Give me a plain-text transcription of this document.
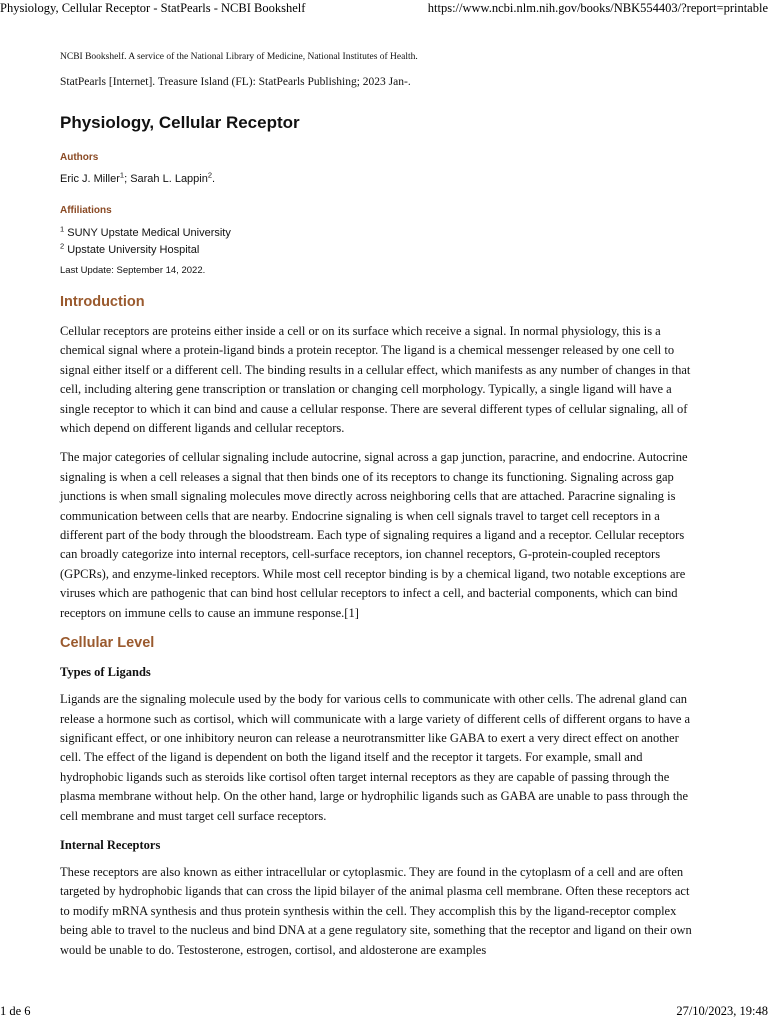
Physiology, Cellular Receptor - StatPearls - NCBI Bookshelf	https://www.ncbi.nlm.nih.gov/books/NBK554403/?report=printable
NCBI Bookshelf. A service of the National Library of Medicine, National Institutes of Health.
StatPearls [Internet]. Treasure Island (FL): StatPearls Publishing; 2023 Jan-.
Physiology, Cellular Receptor
Authors
Eric J. Miller$^1$; Sarah L. Lappin$^2$.
Affiliations
$^1$ SUNY Upstate Medical University
$^2$ Upstate University Hospital
Last Update: September 14, 2022.
Introduction

Cellular receptors are proteins either inside a cell or on its surface which receive a signal. In normal physiology, this is a chemical signal where a protein-ligand binds a protein receptor. The ligand is a chemical messenger released by one cell to signal either itself or a different cell. The binding results in a cellular effect, which manifests as any number of changes in that cell, including altering gene transcription or translation or changing cell morphology. Typically, a single ligand will have a single receptor to which it can bind and cause a cellular response. There are several different types of cellular signaling, all of which depend on different ligands and cellular receptors.

The major categories of cellular signaling include autocrine, signal across a gap junction, paracrine, and endocrine. Autocrine signaling is when a cell releases a signal that then binds one of its receptors to change its functioning. Signaling across gap junctions is when small signaling molecules move directly across neighboring cells that are attached. Paracrine signaling is communication between cells that are nearby. Endocrine signaling is when cell signals travel to target cell receptors in a different part of the body through the bloodstream. Each type of signaling requires a ligand and a receptor. Cellular receptors can broadly categorize into internal receptors, cell-surface receptors, ion channel receptors, G-protein-coupled receptors (GPCRs), and enzyme-linked receptors. While most cell receptor binding is by a chemical ligand, two notable exceptions are viruses which are pathogenic that can bind host cellular receptors to infect a cell, and bacterial components, which can bind receptors on immune cells to cause an immune response.[1]

Cellular Level
Types of Ligands

Ligands are the signaling molecule used by the body for various cells to communicate with other cells. The adrenal gland can release a hormone such as cortisol, which will communicate with a large variety of different cells of different organs to have a significant effect, or one inhibitory neuron can release a neurotransmitter like GABA to exert a very direct effect on another cell. The effect of the ligand is dependent on both the ligand itself and the receptor it targets. For example, small and hydrophobic ligands such as steroids like cortisol often target internal receptors as they are capable of passing through the plasma membrane without help. On the other hand, large or hydrophilic ligands such as GABA are unable to pass through the cell membrane and must target cell surface receptors.

Internal Receptors

These receptors are also known as either intracellular or cytoplasmic. They are found in the cytoplasm of a cell and are often targeted by hydrophobic ligands that can cross the lipid bilayer of the animal plasma cell membrane. Often these receptors act to modify mRNA synthesis and thus protein synthesis within the cell. They accomplish this by the ligand-receptor complex being able to travel to the nucleus and bind DNA at a gene regulatory site, something that the receptor and ligand on their own would be unable to do. Testosterone, estrogen, cortisol, and aldosterone are examples

1 de 6	27/10/2023, 19:48
